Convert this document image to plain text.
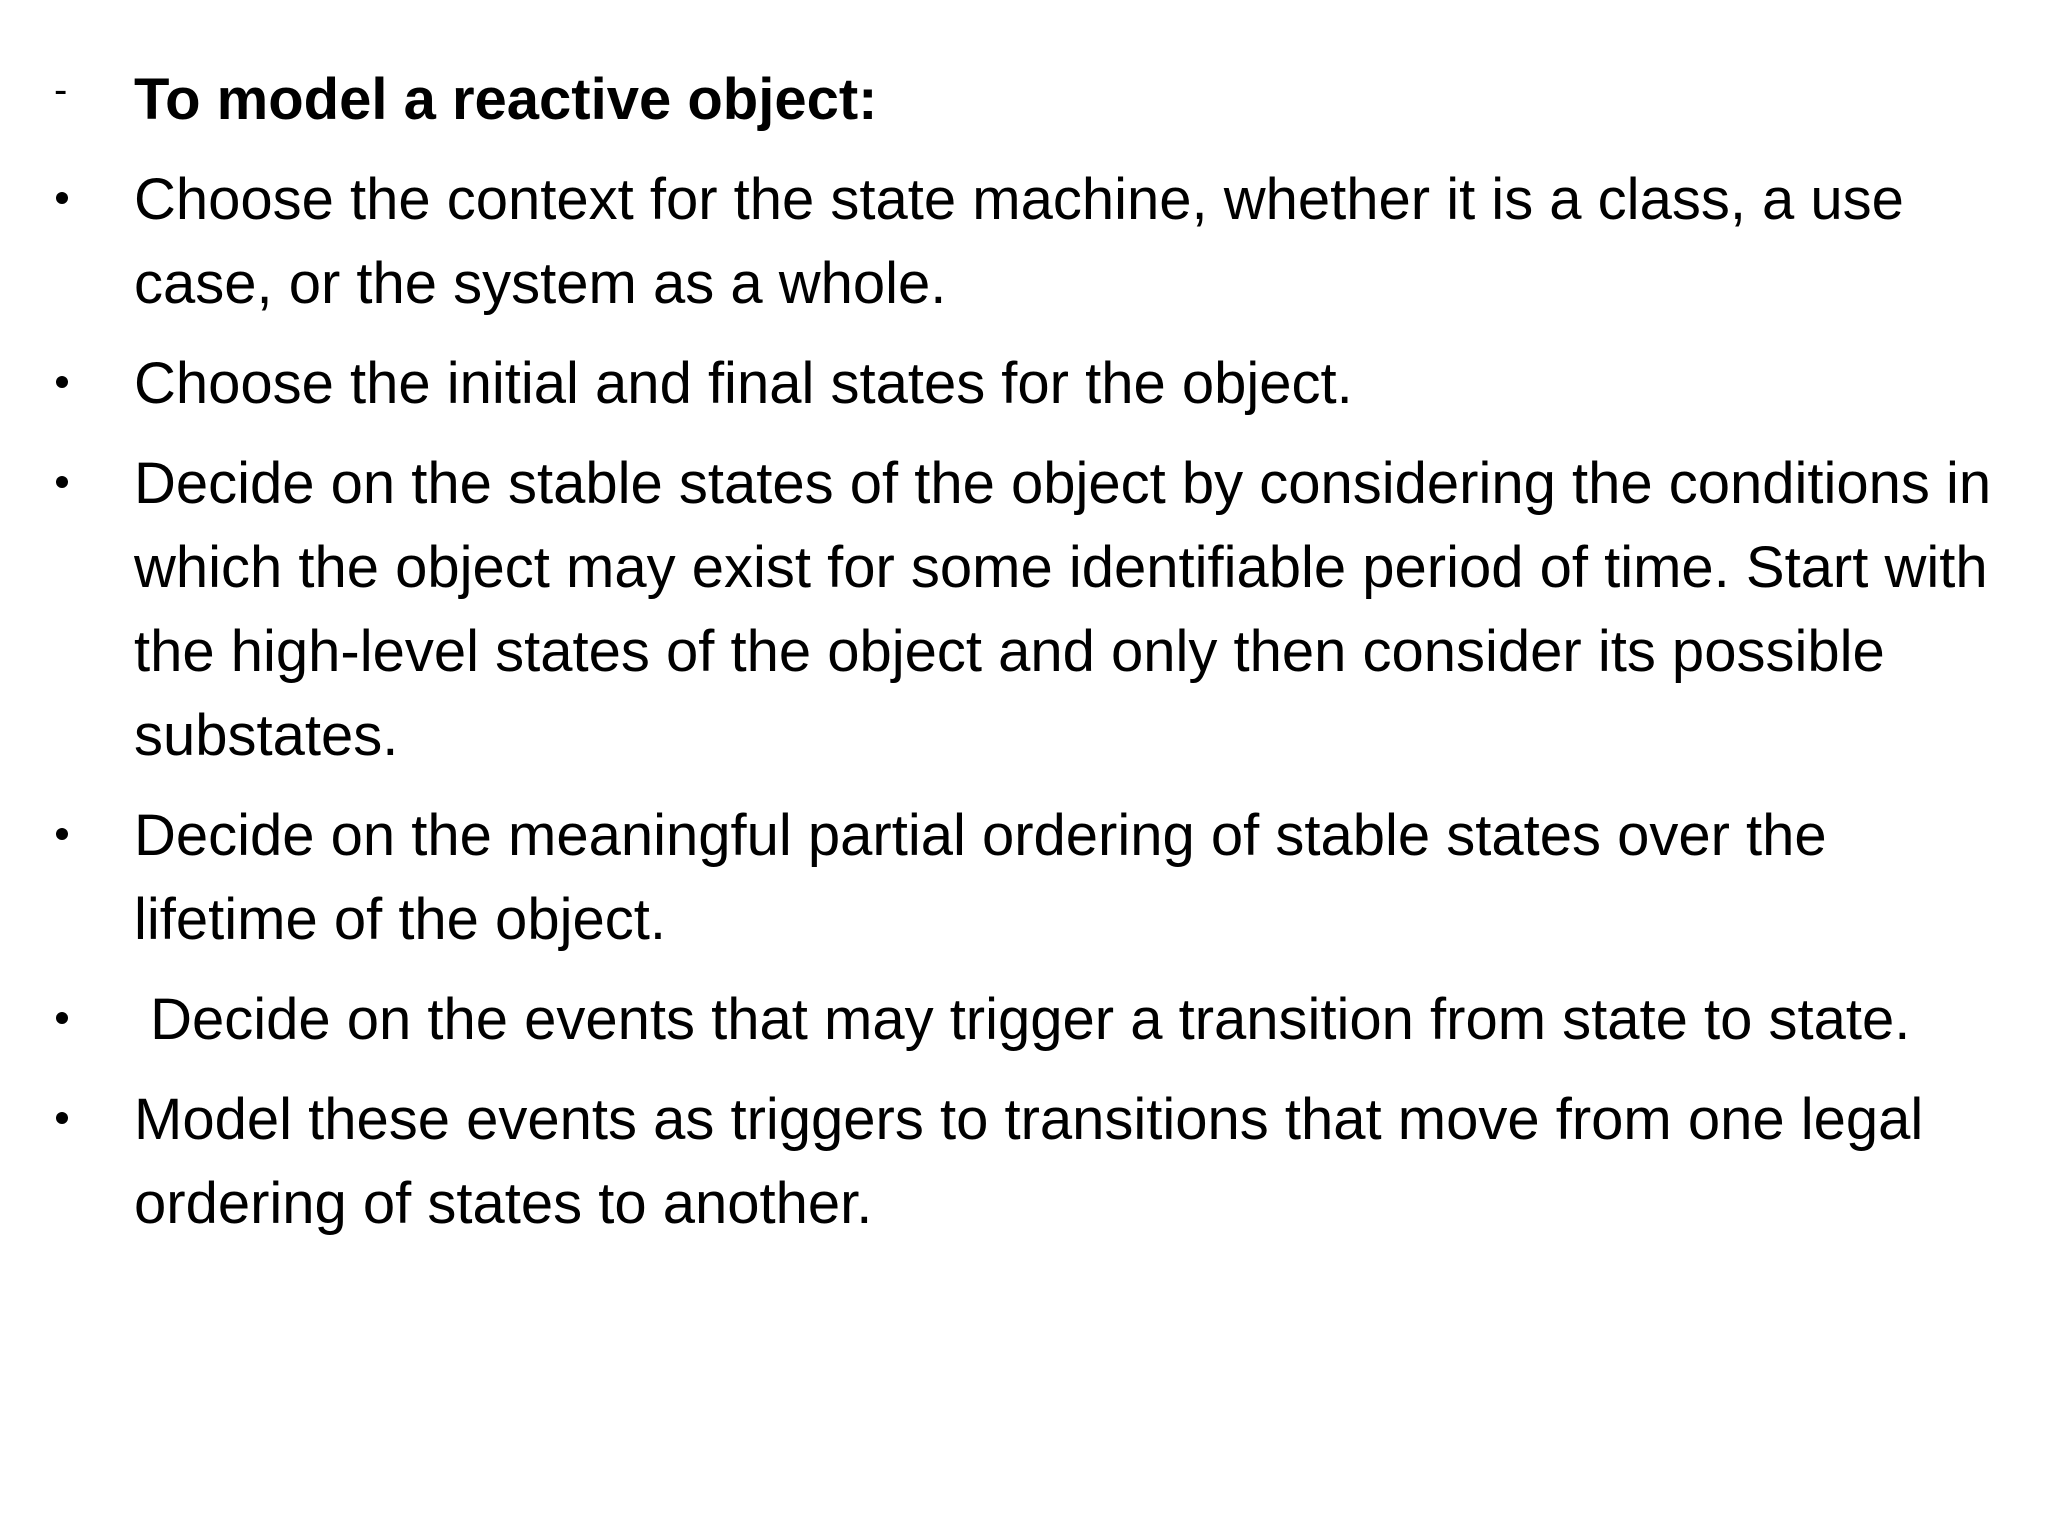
-	To model a reactive object:
Choose the context for the state machine, whether it is a class, a use case, or the system as a whole.
Choose the initial and final states for the object.
Decide on the stable states of the object by considering the conditions in which the object may exist for some identifiable period of time. Start with the high-level states of the object and only then consider its possible substates.
Decide on the meaningful partial ordering of stable states over the lifetime of the object.
Decide on the events that may trigger a transition from state to state.
Model these events as triggers to transitions that move from one legal ordering of states to another.
